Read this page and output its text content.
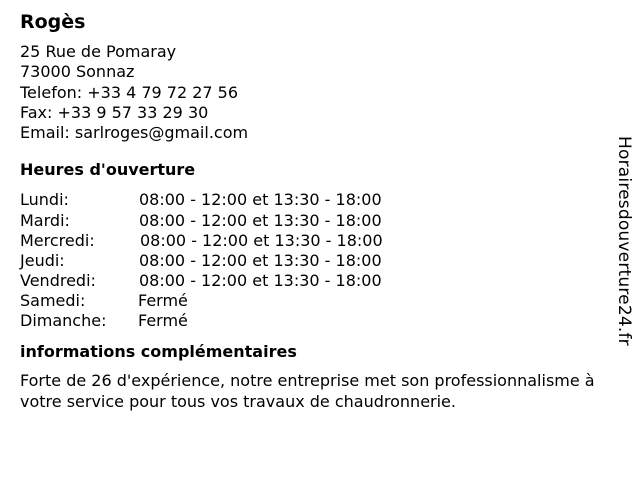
Rogès
25 Rue de Pomaray
73000 Sonnaz
Telefon: +33 4 79 72 27 56
Fax: +33 9 57 33 29 30
Email: sarlroges@gmail.com
Heures d'ouverture
Lundi:	08:00 - 12:00 et 13:30 - 18:00
Mardi:	08:00 - 12:00 et 13:30 - 18:00
Mercredi:	08:00 - 12:00 et 13:30 - 18:00
Jeudi:	08:00 - 12:00 et 13:30 - 18:00
Vendredi:	08:00 - 12:00 et 13:30 - 18:00
Samedi:	Fermé
Dimanche: Fermé
informations complémentaires
Forte de 26 d'expérience, notre entreprise met son professionnalisme à votre service pour tous vos travaux de chaudronnerie.
Horairesdouverture24.fr
